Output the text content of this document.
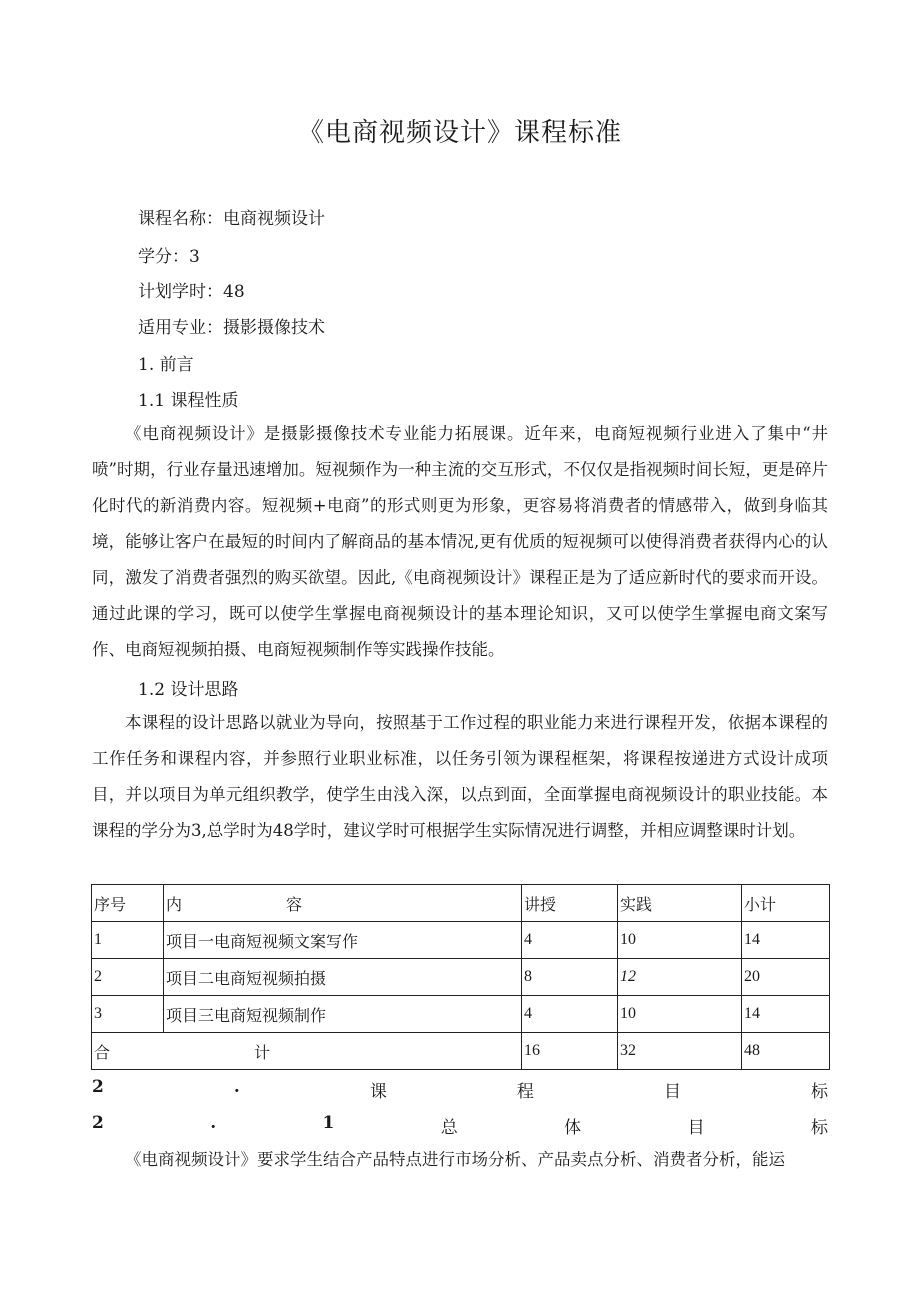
《电商视频设计》课程标准
课程名称：电商视频设计
学分：3
计划学时：48
适用专业：摄影摄像技术
1. 前言
1.1 课程性质

《电商视频设计》是摄影摄像技术专业能力拓展课。近年来，电商短视频行业进入了集中“井喷”时期，行业存量迅速增加。短视频作为一种主流的交互形式，不仅仅是指视频时间长短，更是碎片化时代的新消费内容。短视频+电商”的形式则更为形象，更容易将消费者的情感带入，做到身临其境，能够让客户在最短的时间内了解商品的基本情况,更有优质的短视频可以使得消费者获得内心的认同，激发了消费者强烈的购买欲望。因此,《电商视频设计》课程正是为了适应新时代的要求而开设。通过此课的学习，既可以使学生掌握电商视频设计的基本理论知识，又可以使学生掌握电商文案写作、电商短视频拍摄、电商短视频制作等实践操作技能。

1.2 设计思路

本课程的设计思路以就业为导向，按照基于工作过程的职业能力来进行课程开发，依据本课程的工作任务和课程内容，并参照行业职业标准，以任务引领为课程框架，将课程按递进方式设计成项目，并以项目为单元组织教学，使学生由浅入深，以点到面，全面掌握电商视频设计的职业技能。本课程的学分为3,总学时为48学时，建议学时可根据学生实际情况进行调整，并相应调整课时计划。

序号	内 容	讲授	实践	小计
1	项目一电商短视频文案写作	4	10	14
2	项目二电商短视频拍摄	8	12	20
3	项目三电商短视频制作	4	10	14
合 计		16	32	48
2	.	课	程	目	标
2	.	1	总	体	目	标

《电商视频设计》要求学生结合产品特点进行市场分析、产品卖点分析、消费者分析，能运
